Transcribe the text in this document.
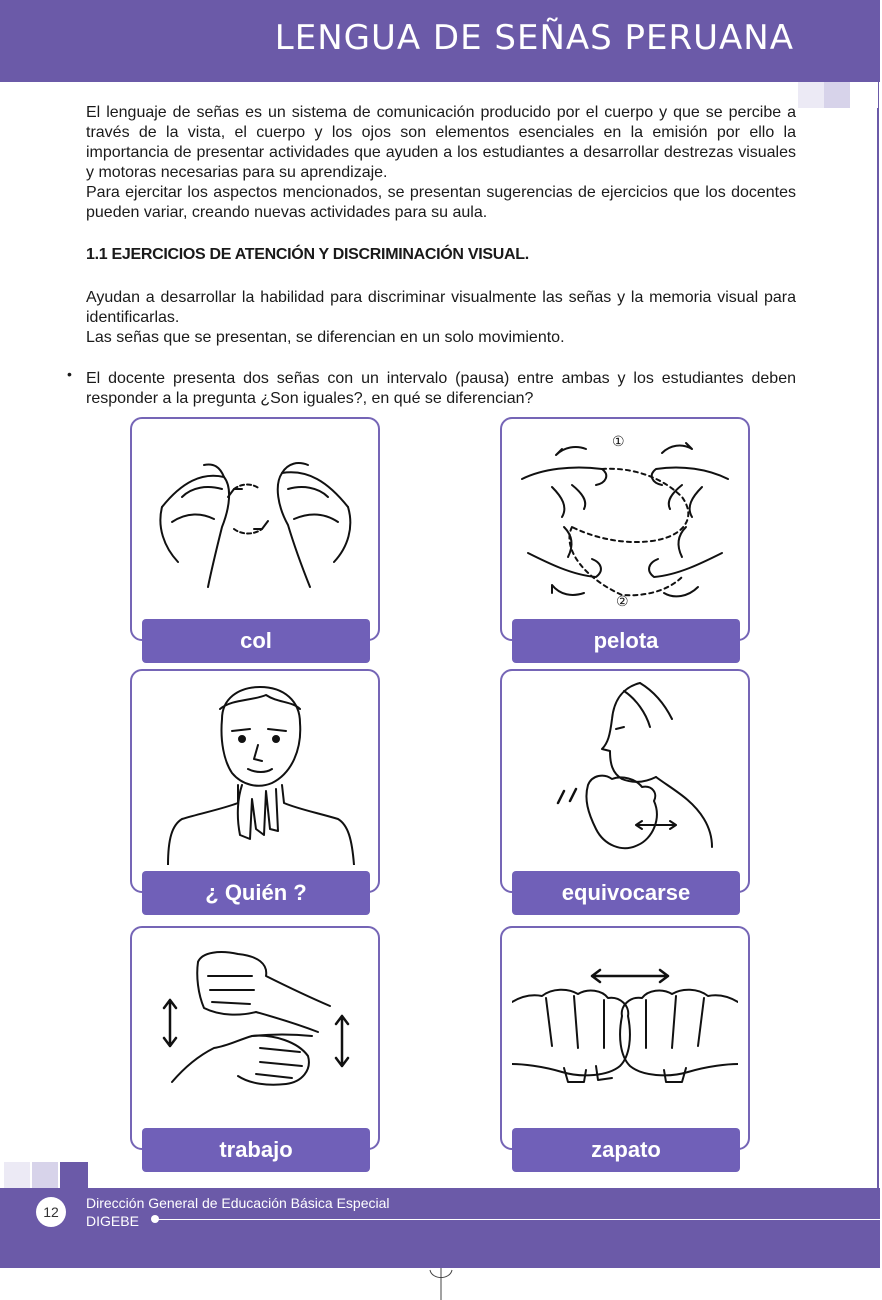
LENGUA DE SEÑAS PERUANA

El lenguaje de señas es un sistema de comunicación producido por el cuerpo y que se percibe a través de la vista, el cuerpo y los ojos son elementos esenciales en la emisión por ello la importancia de presentar actividades que ayuden a los estudiantes a desarrollar destrezas visuales y motoras necesarias para su aprendizaje.

Para ejercitar los aspectos mencionados, se presentan sugerencias de ejercicios que los docentes pueden variar, creando nuevas actividades para su aula.

1.1 EJERCICIOS DE ATENCIÓN Y DISCRIMINACIÓN VISUAL.

Ayudan a desarrollar la habilidad para discriminar visualmente las señas y la memoria visual para identificarlas.

Las señas que se presentan, se diferencian en un solo movimiento.

• El docente presenta dos señas con un intervalo (pausa) entre ambas y los estudiantes deben responder a la pregunta ¿Son iguales?, en qué se diferencian?

col
①
②
pelota
¿ Quién ?	equivocarse
trabajo	zapato
12
Dirección General de Educación Básica Especial
DIGEBE
